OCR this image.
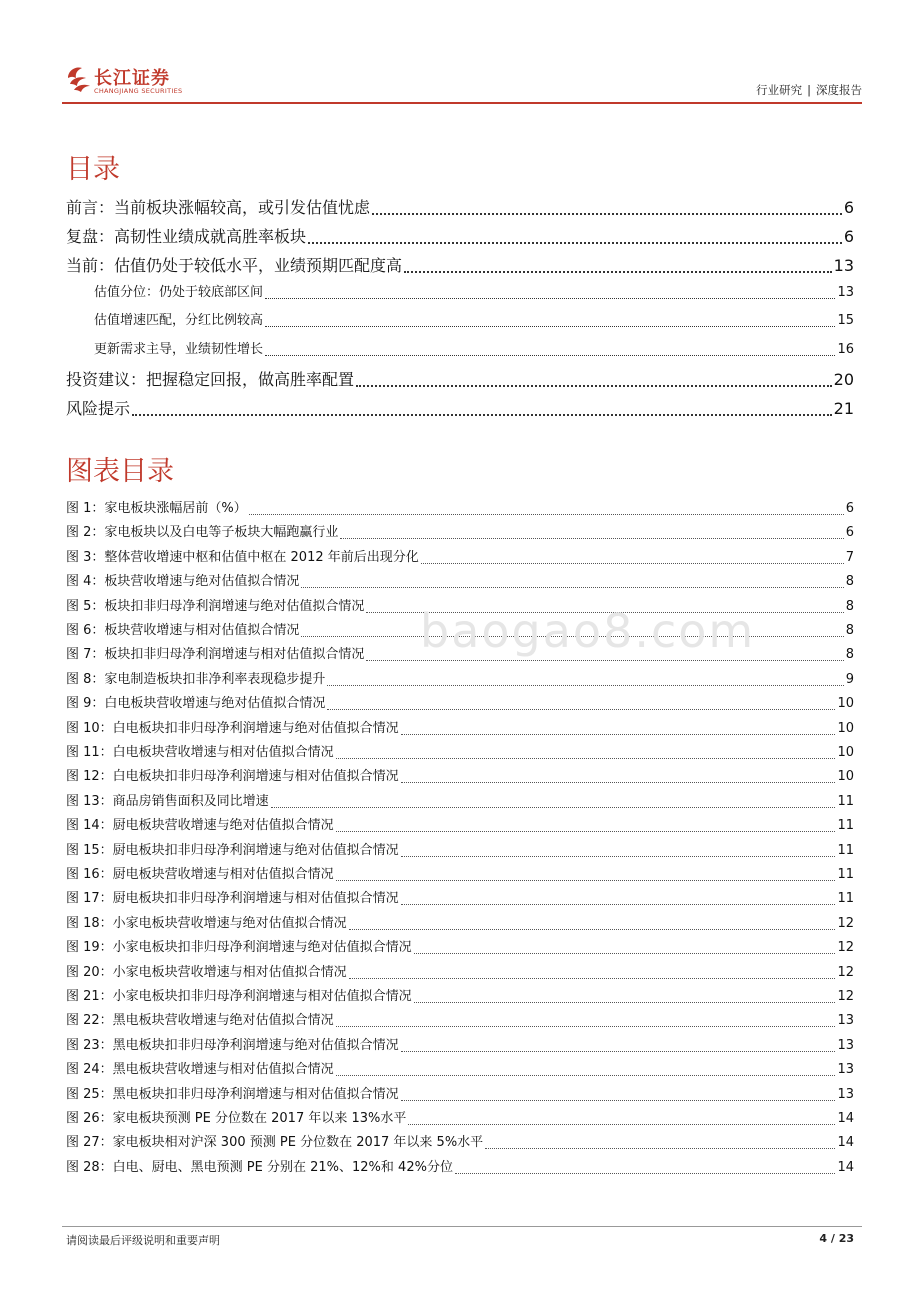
长江证券
CHANGJIANG SECURITIES	行业研究 | 深度报告
目录
前言：当前板块涨幅较高，或引发估值忧虑	6
复盘：高韧性业绩成就高胜率板块	6
当前：估值仍处于较低水平，业绩预期匹配度高	13
估值分位：仍处于较底部区间	13
估值增速匹配，分红比例较高	15
更新需求主导，业绩韧性增长	16
投资建议：把握稳定回报，做高胜率配置	20
风险提示	21
图表目录
图 1：家电板块涨幅居前（%）	6
图 2：家电板块以及白电等子板块大幅跑赢行业	6
图 3：整体营收增速中枢和估值中枢在 2012 年前后出现分化	7
图 4：板块营收增速与绝对估值拟合情况	8
图 5：板块扣非归母净利润增速与绝对估值拟合情况	8
图 6：板块营收增速与相对估值拟合情况	8
图 7：板块扣非归母净利润增速与相对估值拟合情况	8
图 8：家电制造板块扣非净利率表现稳步提升	9
图 9：白电板块营收增速与绝对估值拟合情况	10
图 10：白电板块扣非归母净利润增速与绝对估值拟合情况	10
图 11：白电板块营收增速与相对估值拟合情况	10
图 12：白电板块扣非归母净利润增速与相对估值拟合情况	10
图 13：商品房销售面积及同比增速	11
图 14：厨电板块营收增速与绝对估值拟合情况	11
图 15：厨电板块扣非归母净利润增速与绝对估值拟合情况	11
图 16：厨电板块营收增速与相对估值拟合情况	11
图 17：厨电板块扣非归母净利润增速与相对估值拟合情况	11
图 18：小家电板块营收增速与绝对估值拟合情况	12
图 19：小家电板块扣非归母净利润增速与绝对估值拟合情况	12
图 20：小家电板块营收增速与相对估值拟合情况	12
图 21：小家电板块扣非归母净利润增速与相对估值拟合情况	12
图 22：黑电板块营收增速与绝对估值拟合情况	13
图 23：黑电板块扣非归母净利润增速与绝对估值拟合情况	13
图 24：黑电板块营收增速与相对估值拟合情况	13
图 25：黑电板块扣非归母净利润增速与相对估值拟合情况	13
图 26：家电板块预测 PE 分位数在 2017 年以来 13%水平	14
图 27：家电板块相对沪深 300 预测 PE 分位数在 2017 年以来 5%水平	14
图 28：白电、厨电、黑电预测 PE 分别在 21%、12%和 42%分位	14
baogao8.com
请阅读最后评级说明和重要声明	4 / 23
